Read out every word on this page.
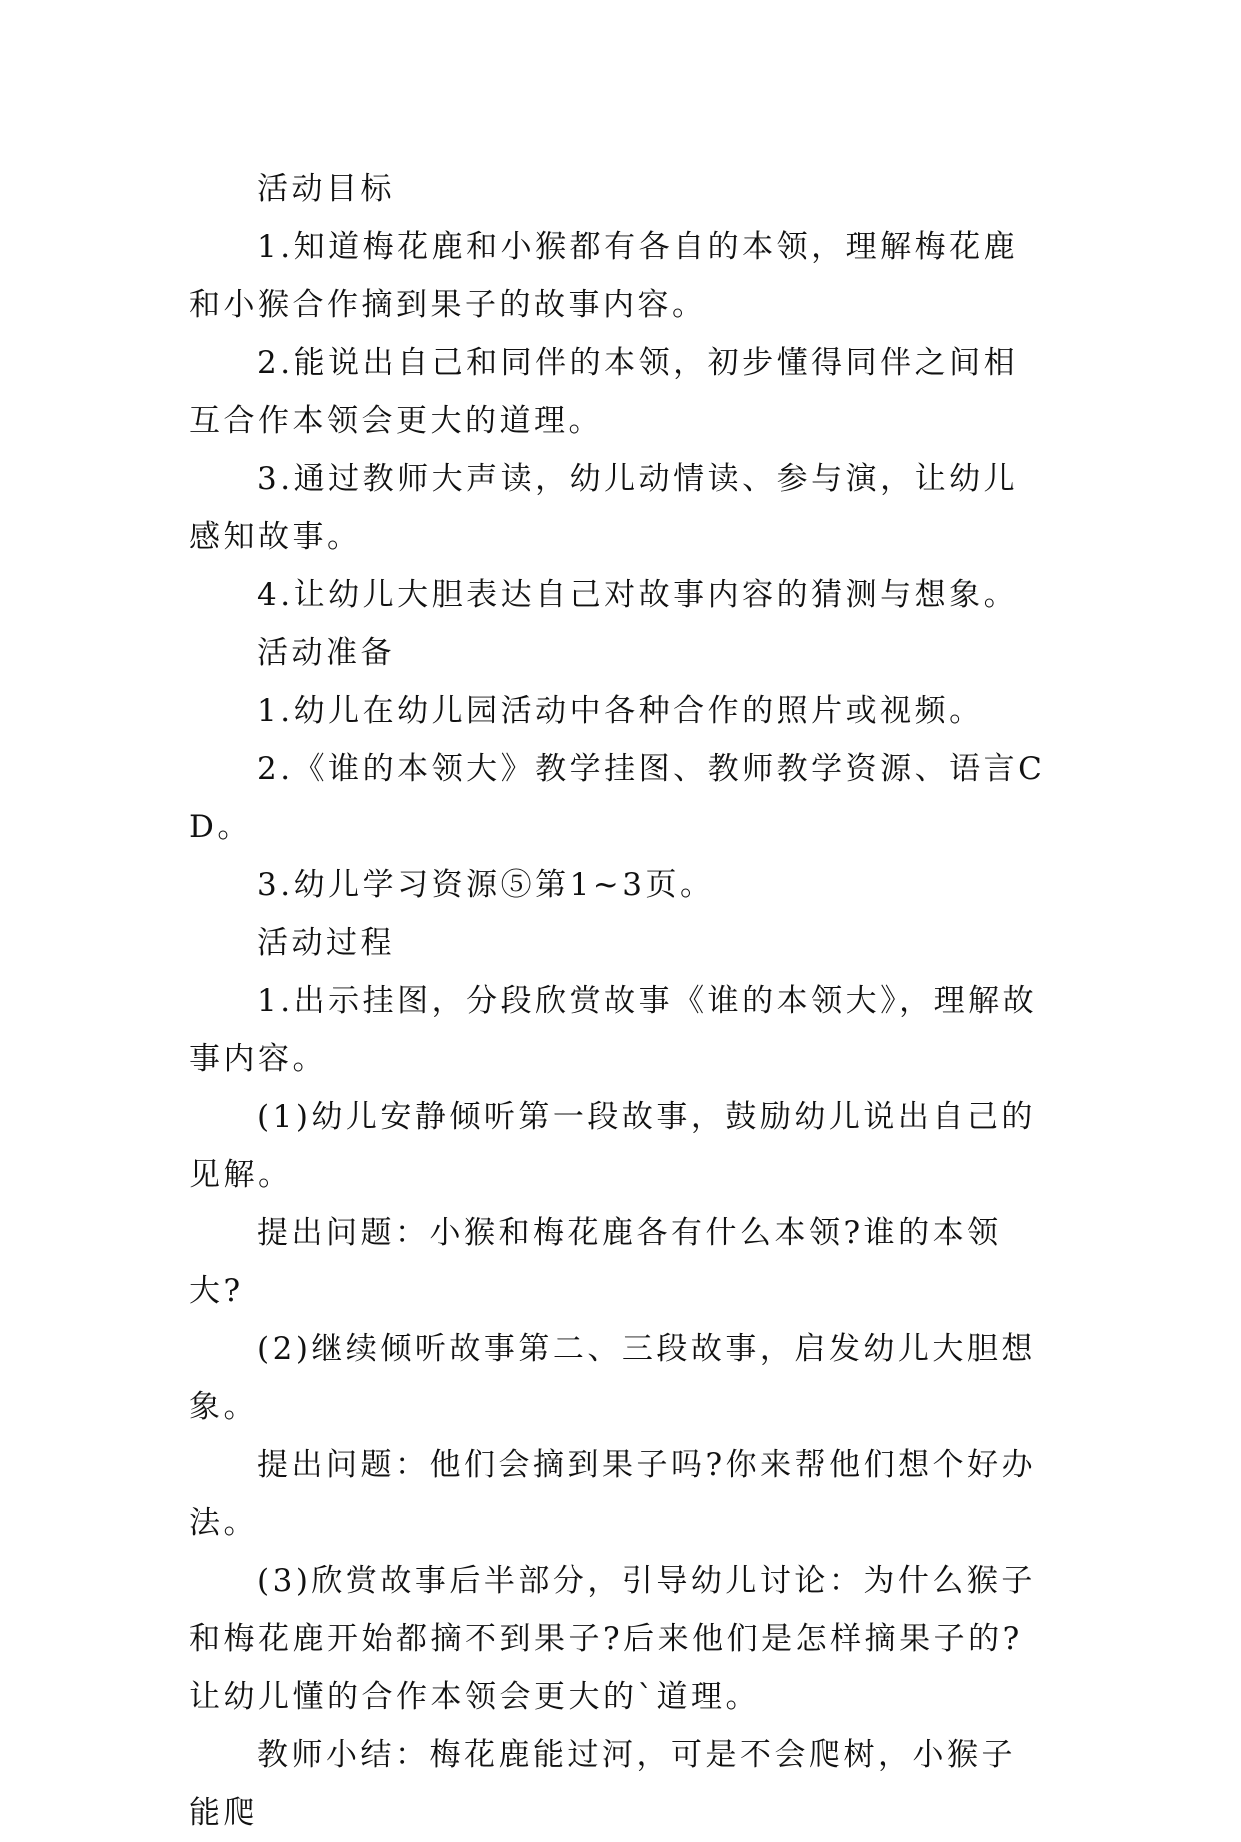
活动目标

1.知道梅花鹿和小猴都有各自的本领，理解梅花鹿和小猴合作摘到果子的故事内容。

2.能说出自己和同伴的本领，初步懂得同伴之间相互合作本领会更大的道理。

3.通过教师大声读，幼儿动情读、参与演，让幼儿感知故事。

4.让幼儿大胆表达自己对故事内容的猜测与想象。

活动准备

1.幼儿在幼儿园活动中各种合作的照片或视频。

2.《谁的本领大》教学挂图、教师教学资源、语言CD。

3.幼儿学习资源⑤第1~3页。

活动过程

1.出示挂图，分段欣赏故事《谁的本领大》，理解故事内容。

(1)幼儿安静倾听第一段故事，鼓励幼儿说出自己的见解。

提出问题：小猴和梅花鹿各有什么本领?谁的本领大?

(2)继续倾听故事第二、三段故事，启发幼儿大胆想象。

提出问题：他们会摘到果子吗?你来帮他们想个好办法。

(3)欣赏故事后半部分，引导幼儿讨论：为什么猴子和梅花鹿开始都摘不到果子?后来他们是怎样摘果子的?让幼儿懂的合作本领会更大的`道理。

教师小结：梅花鹿能过河，可是不会爬树，小猴子能爬
